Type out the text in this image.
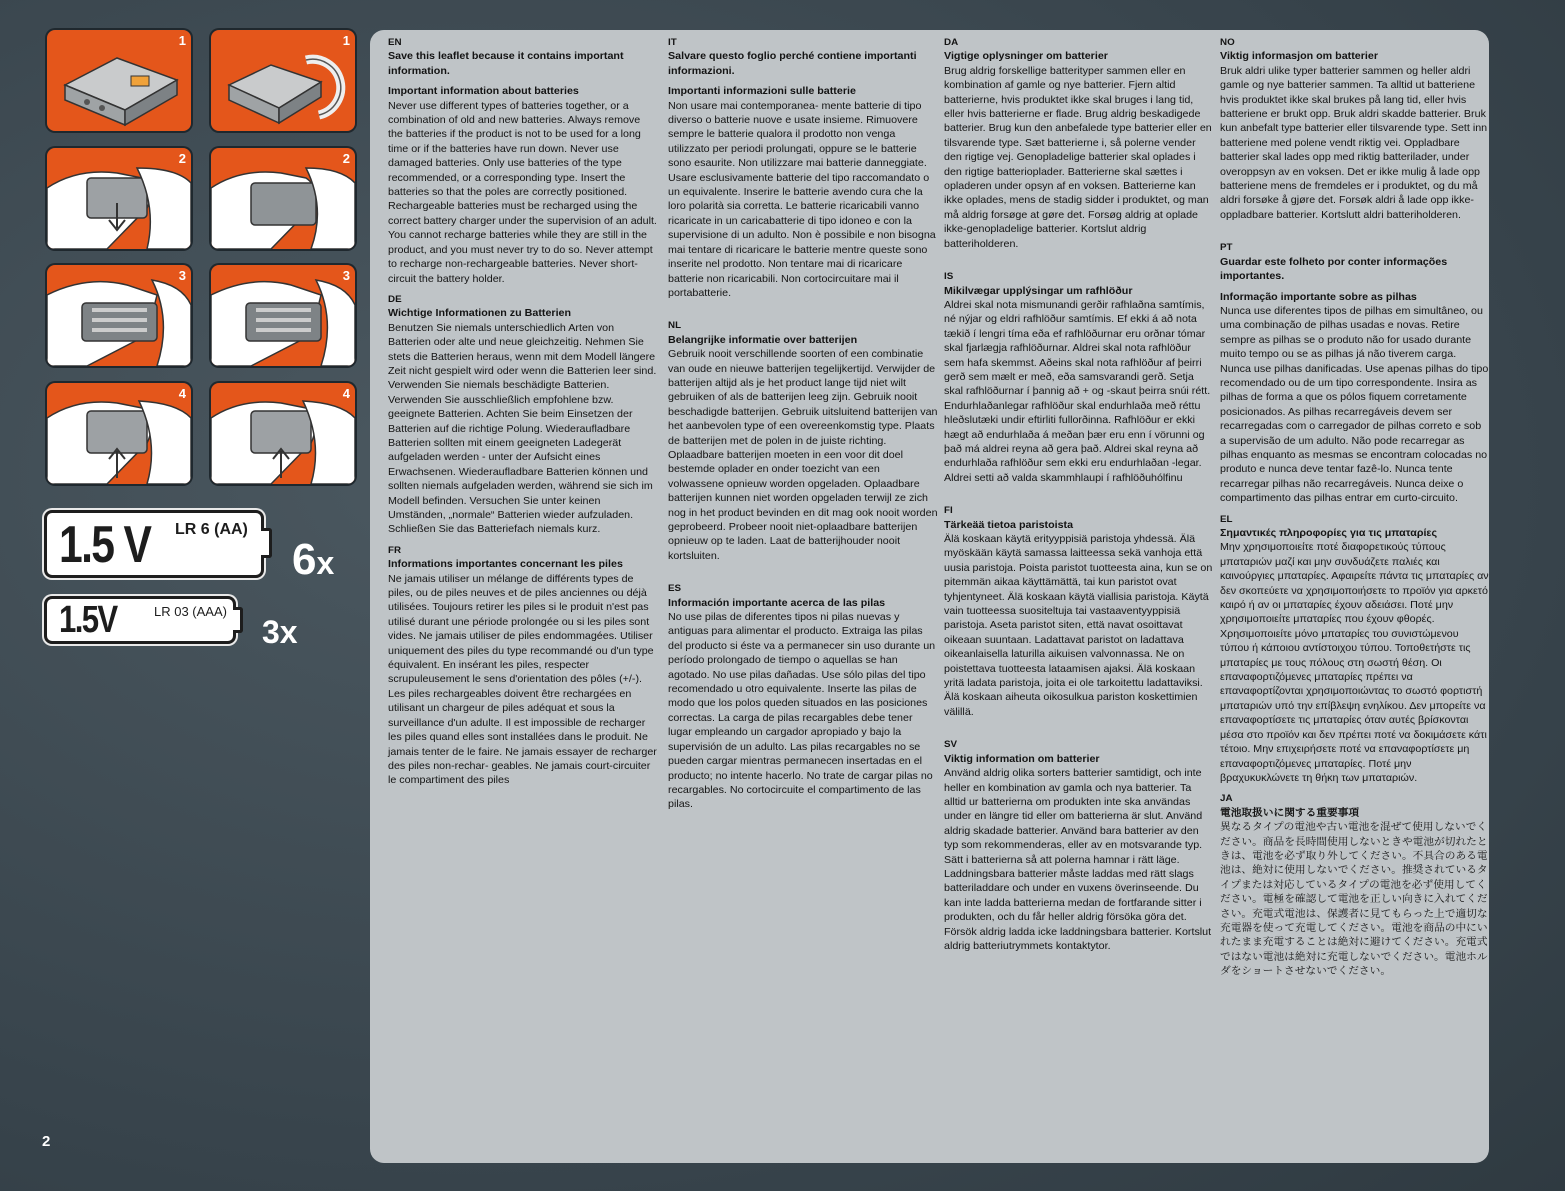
1	1
2	2
3	3
4	4
1.5 V LR 6 (AA)
6x
1.5V	LR 03 (AAA)
3x
EN
Save this leaflet because it contains important information.
Important information about batteries
Never use different types of batteries together, or a combination of old and new batteries. Always remove the batteries if the product is not to be used for a long time or if the batteries have run down. Never use damaged batteries. Only use batteries of the type recommended, or a corresponding type. Insert the batteries so that the poles are correctly positioned. Rechargeable batteries must be recharged using the correct battery charger under the supervision of an adult. You cannot recharge batteries while they are still in the product, and you must never try to do so. Never attempt to recharge non-rechargeable batteries. Never short-circuit the battery holder.
DE
Wichtige Informationen zu Batterien
Benutzen Sie niemals unterschiedlich Arten von Batterien oder alte und neue gleichzeitig. Nehmen Sie stets die Batterien heraus, wenn mit dem Modell längere Zeit nicht gespielt wird oder wenn die Batterien leer sind. Verwenden Sie niemals beschädigte Batterien. Verwenden Sie ausschließlich empfohlene bzw. geeignete Batterien. Achten Sie beim Einsetzen der Batterien auf die richtige Polung. Wiederaufladbare Batterien sollten mit einem geeigneten Ladegerät aufgeladen werden - unter der Aufsicht eines Erwachsenen. Wiederaufladbare Batterien können und sollten niemals aufgeladen werden, während sie sich im Modell befinden. Versuchen Sie unter keinen Umständen, „normale“ Batterien wieder aufzuladen. Schließen Sie das Batteriefach niemals kurz.
FR
Informations importantes concernant les piles
Ne jamais utiliser un mélange de différents types de piles, ou de piles neuves et de piles anciennes ou déjà utilisées. Toujours retirer les piles si le produit n'est pas utilisé durant une période prolongée ou si les piles sont vides. Ne jamais utiliser de piles endommagées. Utiliser uniquement des piles du type recommandé ou d'un type équivalent. En insérant les piles, respecter scrupuleusement le sens d'orientation des pôles (+/-). Les piles rechargeables doivent être rechargées en utilisant un chargeur de piles adéquat et sous la surveillance d'un adulte. Il est impossible de recharger les piles quand elles sont installées dans le produit. Ne jamais tenter de le faire. Ne jamais essayer de recharger des piles non-rechar- geables. Ne jamais court-circuiter le compartiment des piles
IT
Salvare questo foglio perché contiene importanti informazioni.
Importanti informazioni sulle batterie
Non usare mai contemporanea- mente batterie di tipo diverso o batterie nuove e usate insieme. Rimuovere sempre le batterie qualora il prodotto non venga utilizzato per periodi prolungati, oppure se le batterie sono esaurite. Non utilizzare mai batterie danneggiate. Usare esclusivamente batterie del tipo raccomandato o un equivalente. Inserire le batterie avendo cura che la loro polarità sia corretta. Le batterie ricaricabili vanno ricaricate in un caricabatterie di tipo idoneo e con la supervisione di un adulto. Non è possibile e non bisogna mai tentare di ricaricare le batterie mentre queste sono inserite nel prodotto. Non tentare mai di ricaricare batterie non ricaricabili. Non cortocircuitare mai il portabatterie.
NL
Belangrijke informatie over batterijen
Gebruik nooit verschillende soorten of een combinatie van oude en nieuwe batterijen tegelijkertijd. Verwijder de batterijen altijd als je het product lange tijd niet wilt gebruiken of als de batterijen leeg zijn. Gebruik nooit beschadigde batterijen. Gebruik uitsluitend batterijen van het aanbevolen type of een overeenkomstig type. Plaats de batterijen met de polen in de juiste richting. Oplaadbare batterijen moeten in een voor dit doel bestemde oplader en onder toezicht van een volwassene opnieuw worden opgeladen. Oplaadbare batterijen kunnen niet worden opgeladen terwijl ze zich nog in het product bevinden en dit mag ook nooit worden geprobeerd. Probeer nooit niet-oplaadbare batterijen opnieuw op te laden. Laat de batterijhouder nooit kortsluiten.
ES
Información importante acerca de las pilas
No use pilas de diferentes tipos ni pilas nuevas y antiguas para alimentar el producto. Extraiga las pilas del producto si éste va a permanecer sin uso durante un período prolongado de tiempo o aquellas se han agotado. No use pilas dañadas. Use sólo pilas del tipo recomendado u otro equivalente. Inserte las pilas de modo que los polos queden situados en las posiciones correctas. La carga de pilas recargables debe tener lugar empleando un cargador apropiado y bajo la supervisión de un adulto. Las pilas recargables no se pueden cargar mientras permanecen insertadas en el producto; no intente hacerlo. No trate de cargar pilas no recargables. No cortocircuite el compartimento de las pilas.
DA
Vigtige oplysninger om batterier
Brug aldrig forskellige batterityper sammen eller en kombination af gamle og nye batterier. Fjern altid batterierne, hvis produktet ikke skal bruges i lang tid, eller hvis batterierne er flade. Brug aldrig beskadigede batterier. Brug kun den anbefalede type batterier eller en tilsvarende type. Sæt batterierne i, så polerne vender den rigtige vej. Genopladelige batterier skal oplades i den rigtige batterioplader. Batterierne skal sættes i opladeren under opsyn af en voksen. Batterierne kan ikke oplades, mens de stadig sidder i produktet, og man må aldrig forsøge at gøre det. Forsøg aldrig at oplade ikke-genopladelige batterier. Kortslut aldrig batteriholderen.
IS
Mikilvægar upplýsingar um rafhlöður
Aldrei skal nota mismunandi gerðir rafhlaðna samtímis, né nýjar og eldri rafhlöður samtímis. Ef ekki á að nota tækið í lengri tíma eða ef rafhlöðurnar eru orðnar tómar skal fjarlægja rafhlöðurnar. Aldrei skal nota rafhlöður sem hafa skemmst. Aðeins skal nota rafhlöður af þeirri gerð sem mælt er með, eða samsvarandi gerð. Setja skal rafhlöðurnar í þannig að + og -skaut þeirra snúi rétt. Endurhlaðanlegar rafhlöður skal endurhlaða með réttu hleðslutæki undir eftirliti fullorðinna. Rafhlöður er ekki hægt að endurhlaða á meðan þær eru enn í vörunni og það má aldrei reyna að gera það. Aldrei skal reyna að endurhlaða rafhlöður sem ekki eru endurhlaðan -legar. Aldrei setti að valda skammhlaupi í rafhlöðuhólfinu
FI
Tärkeää tietoa paristoista
Älä koskaan käytä erityyppisiä paristoja yhdessä. Älä myöskään käytä samassa laitteessa sekä vanhoja että uusia paristoja. Poista paristot tuotteesta aina, kun se on pitemmän aikaa käyttämättä, tai kun paristot ovat tyhjentyneet. Älä koskaan käytä viallisia paristoja. Käytä vain tuotteessa suositeltuja tai vastaaventyyppisiä paristoja. Aseta paristot siten, että navat osoittavat oikeaan suuntaan. Ladattavat paristot on ladattava oikeanlaisella laturilla aikuisen valvonnassa. Ne on poistettava tuotteesta lataamisen ajaksi. Älä koskaan yritä ladata paristoja, joita ei ole tarkoitettu ladattaviksi. Älä koskaan aiheuta oikosulkua pariston koskettimien välillä.
SV
Viktig information om batterier
Använd aldrig olika sorters batterier samtidigt, och inte heller en kombination av gamla och nya batterier. Ta alltid ur batterierna om produkten inte ska användas under en längre tid eller om batterierna är slut. Använd aldrig skadade batterier. Använd bara batterier av den typ som rekommenderas, eller av en motsvarande typ. Sätt i batterierna så att polerna hamnar i rätt läge. Laddningsbara batterier måste laddas med rätt slags batteriladdare och under en vuxens överinseende. Du kan inte ladda batterierna medan de fortfarande sitter i produkten, och du får heller aldrig försöka göra det. Försök aldrig ladda icke laddningsbara batterier. Kortslut aldrig batteriutrymmets kontaktytor.
NO
Viktig informasjon om batterier
Bruk aldri ulike typer batterier sammen og heller aldri gamle og nye batterier sammen. Ta alltid ut batteriene hvis produktet ikke skal brukes på lang tid, eller hvis batteriene er brukt opp. Bruk aldri skadde batterier. Bruk kun anbefalt type batterier eller tilsvarende type. Sett inn batteriene med polene vendt riktig vei. Oppladbare batterier skal lades opp med riktig batterilader, under overoppsyn av en voksen. Det er ikke mulig å lade opp batteriene mens de fremdeles er i produktet, og du må aldri forsøke å gjøre det. Forsøk aldri å lade opp ikke-oppladbare batterier. Kortslutt aldri batteriholderen.
PT
Guardar este folheto por conter informações importantes.
Informação importante sobre as pilhas
Nunca use diferentes tipos de pilhas em simultâneo, ou uma combinação de pilhas usadas e novas. Retire sempre as pilhas se o produto não for usado durante muito tempo ou se as pilhas já não tiverem carga. Nunca use pilhas danificadas. Use apenas pilhas do tipo recomendado ou de um tipo correspondente. Insira as pilhas de forma a que os pólos fiquem corretamente posicionados. As pilhas recarregáveis devem ser recarregadas com o carregador de pilhas correto e sob a supervisão de um adulto. Não pode recarregar as pilhas enquanto as mesmas se encontram colocadas no produto e nunca deve tentar fazê-lo. Nunca tente recarregar pilhas não recarregáveis. Nunca deixe o compartimento das pilhas entrar em curto-circuito.
EL
Σημαντικές πληροφορίες για τις μπαταρίες
Μην χρησιμοποιείτε ποτέ διαφορετικούς τύπους μπαταριών μαζί και μην συνδυάζετε παλιές και καινούργιες μπαταρίες. Αφαιρείτε πάντα τις μπαταρίες αν δεν σκοπεύετε να χρησιμοποιήσετε το προϊόν για αρκετό καιρό ή αν οι μπαταρίες έχουν αδειάσει. Ποτέ μην χρησιμοποιείτε μπαταρίες που έχουν φθορές. Χρησιμοποιείτε μόνο μπαταρίες του συνιστώμενου τύπου ή κάποιου αντίστοιχου τύπου. Τοποθετήστε τις μπαταρίες με τους πόλους στη σωστή θέση. Οι επαναφορτιζόμενες μπαταρίες πρέπει να επαναφορτίζονται χρησιμοποιώντας το σωστό φορτιστή μπαταριών υπό την επίβλεψη ενηλίκου. Δεν μπορείτε να επαναφορτίσετε τις μπαταρίες όταν αυτές βρίσκονται μέσα στο προϊόν και δεν πρέπει ποτέ να δοκιμάσετε κάτι τέτοιο. Μην επιχειρήσετε ποτέ να επαναφορτίσετε μη επαναφορτιζόμενες μπαταρίες. Ποτέ μην βραχυκυκλώνετε τη θήκη των μπαταριών.
JA
電池取扱いに関する重要事項
異なるタイプの電池や古い電池を混ぜて使用しないでください。商品を長時間使用しないときや電池が切れたときは、電池を必ず取り外してください。不具合のある電池は、絶対に使用しないでください。推奨されているタイプまたは対応しているタイプの電池を必ず使用してください。電極を確認して電池を正しい向きに入れてください。充電式電池は、保護者に見てもらった上で適切な充電器を使って充電してください。電池を商品の中にいれたまま充電することは絶対に避けてください。充電式ではない電池は絶対に充電しないでください。電池ホルダをショートさせないでください。
2
